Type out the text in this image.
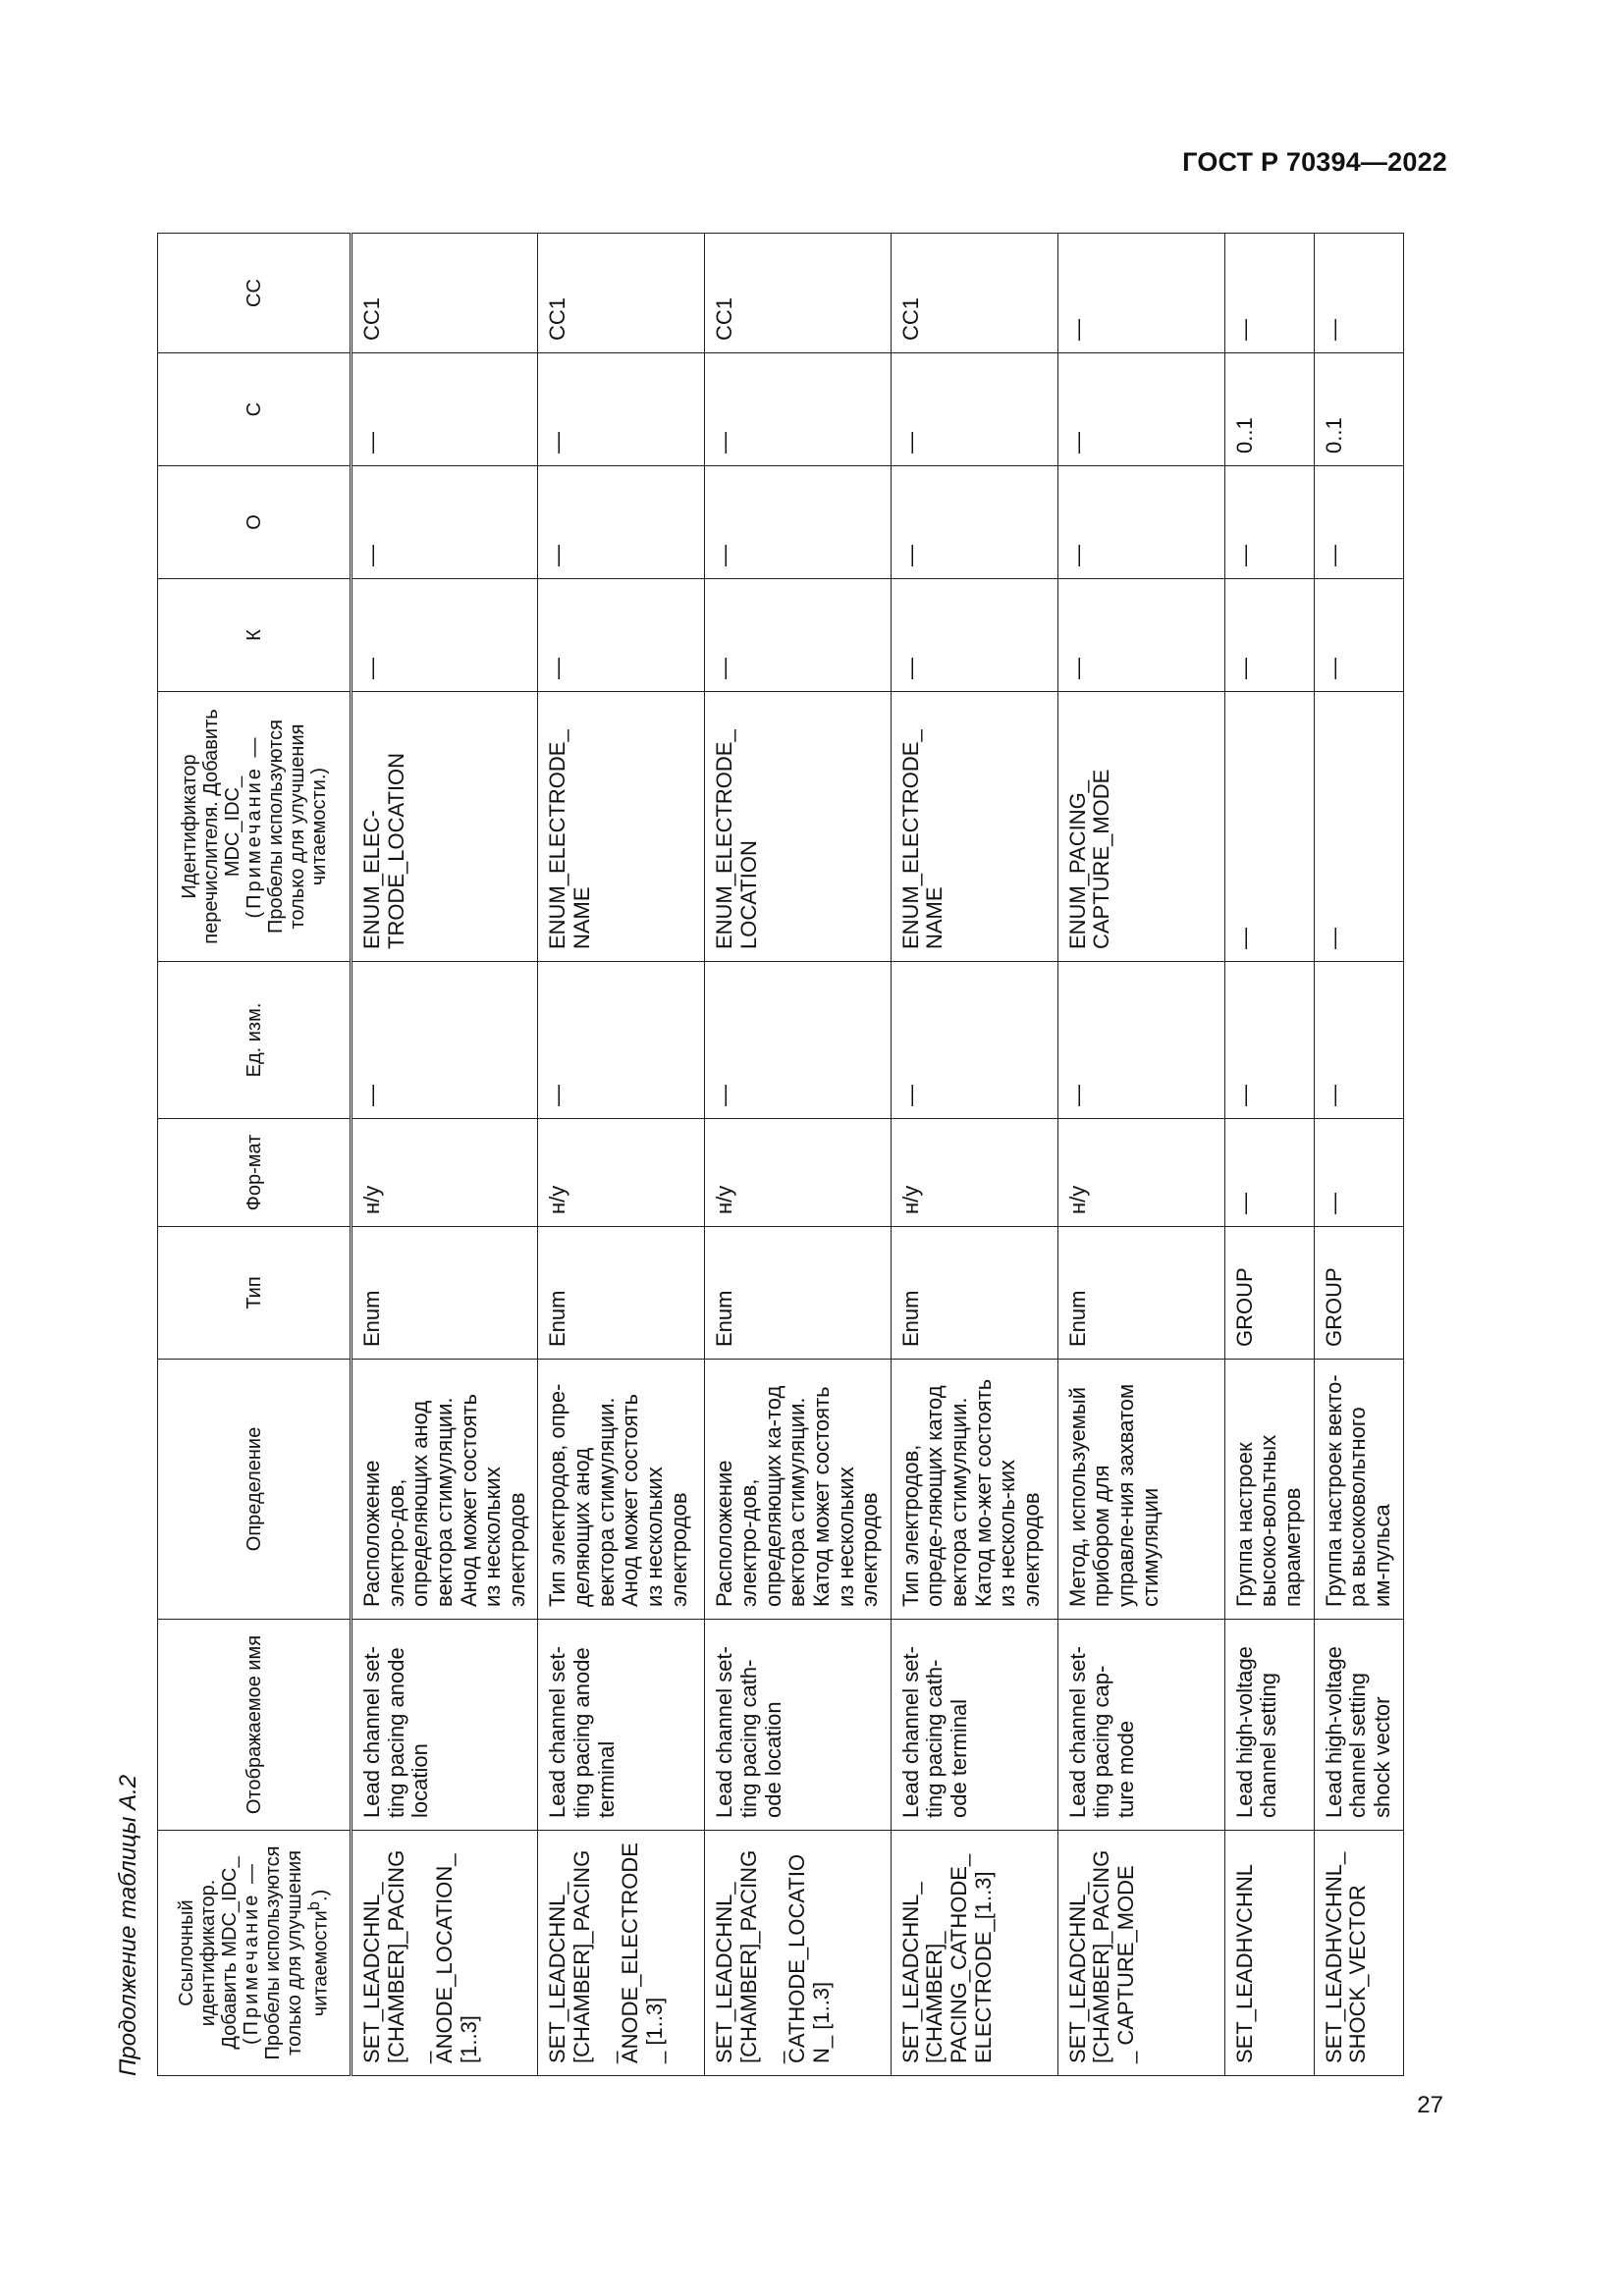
ГОСТ Р 70394—2022
Продолжение таблицы А.2	Ссылочный идентификатор. Добавить MDC_IDC_ (Примечание — Пробелы используются только для улучшения читаемости$^b$.)	Отображаемое имя	Определение	Тип	Фор-мат	Ед. изм.	Идентификатор перечислителя. Добавить MDC_IDC_ (Примечание — Пробелы используются только для улучшения читаемости.)	К	О	С	СС
SET_LEADCHNL_ [CHAMBER]_PACING_ ANODE_LOCATION_ [1..3]	Lead channel set-ting pacing anode location	Расположение электро-дов, определяющих анод вектора стимуляции. Анод может состоять из нескольких электродов	Enum	н/у	—	ENUM_ELEC-TRODE_LOCATION	—	—	—	CC1
SET_LEADCHNL_ [CHAMBER]_PACING_ ANODE_ELECTRODE_ [1..3]	Lead channel set-ting pacing anode terminal	Тип электродов, опре-деляющих анод вектора стимуляции. Анод может состоять из нескольких электродов	Enum	н/у	—	ENUM_ELECTRODE_ NAME	—	—	—	CC1
SET_LEADCHNL_ [CHAMBER]_PACING_ CATHODE_LOCATION_ [1..3]	Lead channel set-ting pacing cath-ode location	Расположение электро-дов, определяющих ка-тод вектора стимуляции. Катод может состоять из нескольких электродов	Enum	н/у	—	ENUM_ELECTRODE_ LOCATION	—	—	—	CC1
SET_LEADCHNL_ [CHAMBER]_ PACING_CATHODE_ ELECTRODE_[1..3]	Lead channel set-ting pacing cath-ode terminal	Тип электродов, опреде-ляющих катод вектора стимуляции. Катод мо-жет состоять из несколь-ких электродов	Enum	н/у	—	ENUM_ELECTRODE_ NAME	—	—	—	CC1
SET_LEADCHNL_ [CHAMBER]_PACING_ CAPTURE_MODE	Lead channel set-ting pacing cap-ture mode	Метод, используемый прибором для управле-ния захватом стимуляции	Enum	н/у	—	ENUM_PACING_ CAPTURE_MODE	—	—	—	—
SET_LEADHVCHNL	Lead high-voltage channel setting	Группа настроек высоко-вольтных параметров	GROUP	—	—	—	—	—	0..1	—
SET_LEADHVCHNL_ SHOCK_VECTOR	Lead high-voltage channel setting shock vector	Группа настроек векто-ра высоковольтного им-пульса	GROUP	—	—	—	—	—	0..1	—
27
